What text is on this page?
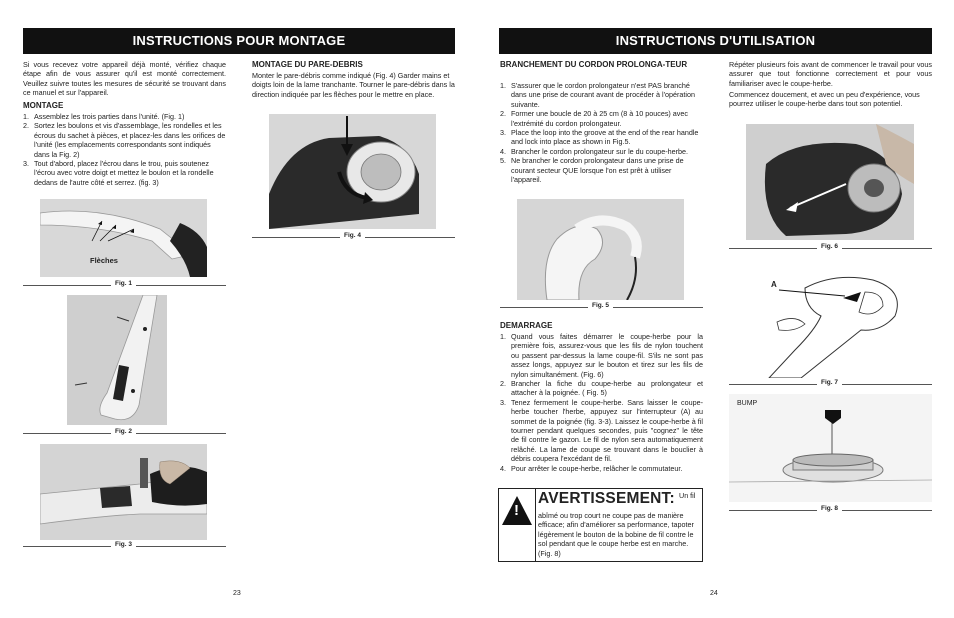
INSTRUCTIONS POUR MONTAGE
Si vous recevez votre appareil déjà monté, vérifiez chaque étape afin de vous assurer qu'il est monté correctement. Veuillez suivre toutes les mesures de sécurité se trouvant dans ce manuel et sur l'appareil.
MONTAGE
1. Assemblez les trois parties dans l'unité. (Fig. 1)
2. Sortez les boulons et vis d'assemblage, les rondelles et les écrous du sachet à pièces, et placez-les dans les orifices de l'unité (les emplacements correspondants sont indiqués dans la Fig. 2)
3. Tout d'abord, placez l'écrou dans le trou, puis soutenez l'écrou avec votre doigt et mettez le boulon et la rondelle dedans de l'autre côté et serrez. (fig. 3)
Flèches
Fig. 1
Fig. 2
Fig. 3
MONTAGE DU PARE-DEBRIS
Monter le pare-débris comme indiqué (Fig. 4) Garder mains et doigts loin de la lame tranchante. Tourner le pare-débris dans la direction indiquée par les flèches pour le mettre en place.
Fig. 4
23
INSTRUCTIONS D'UTILISATION
BRANCHEMENT DU CORDON PROLONGA-TEUR
1. S'assurer que le cordon prolongateur n'est PAS branché dans une prise de courant avant de procéder à l'opération suivante.
2. Former une boucle de 20 à 25 cm (8 à 10 pouces) avec l'extrémité du cordon prolongateur.
3. Place the loop into the groove at the end of the rear handle and lock into place as shown in Fig.5.
4. Brancher le cordon prolongateur sur le du coupe-herbe.
5. Ne brancher le cordon prolongateur dans une prise de courant secteur QUE lorsque l'on est prêt à utiliser l'appareil.
Fig. 5
DEMARRAGE
1. Quand vous faites démarrer le coupe-herbe pour la première fois, assurez-vous que les fils de nylon touchent ou passent par-dessus la lame coupe-fil. S'ils ne sont pas assez longs, appuyez sur le bouton et tirez sur les fils de nylon simultanément. (Fig. 6)
2. Brancher la fiche du coupe-herbe au prolongateur et attacher à la poignée. ( Fig. 5)
3. Tenez fermement le coupe-herbe. Sans laisser le coupe-herbe toucher l'herbe, appuyez sur l'interrupteur (A) au sommet de la poignée (fig. 3-3). Laissez le coupe-herbe à fil tourner pendant quelques secondes, puis "cognez" le tête de fil contre le gazon. Le fil de nylon sera automatiquement relâché. La lame de coupe se trouvant dans le bouclier à débris coupera l'excédant de fil.
4. Pour arrêter le coupe-herbe, relâcher le commutateur.
!
AVERTISSEMENT: Un fil
abîmé ou trop court ne coupe pas de manière efficace; afin d'améliorer sa performance, tapoter légèrement le bouton de la bobine de fil contre le sol pendant que le coupe herbe est en marche. (Fig. 8)
Répéter plusieurs fois avant de commencer le travail pour vous assurer que tout fonctionne correctement et pour vous familiariser avec le coupe-herbe.
Commencez doucement, et avec un peu d'expérience, vous pourrez utiliser le coupe-herbe dans tout son potentiel.
Fig. 6
A
Fig. 7
BUMP
Fig. 8
24
